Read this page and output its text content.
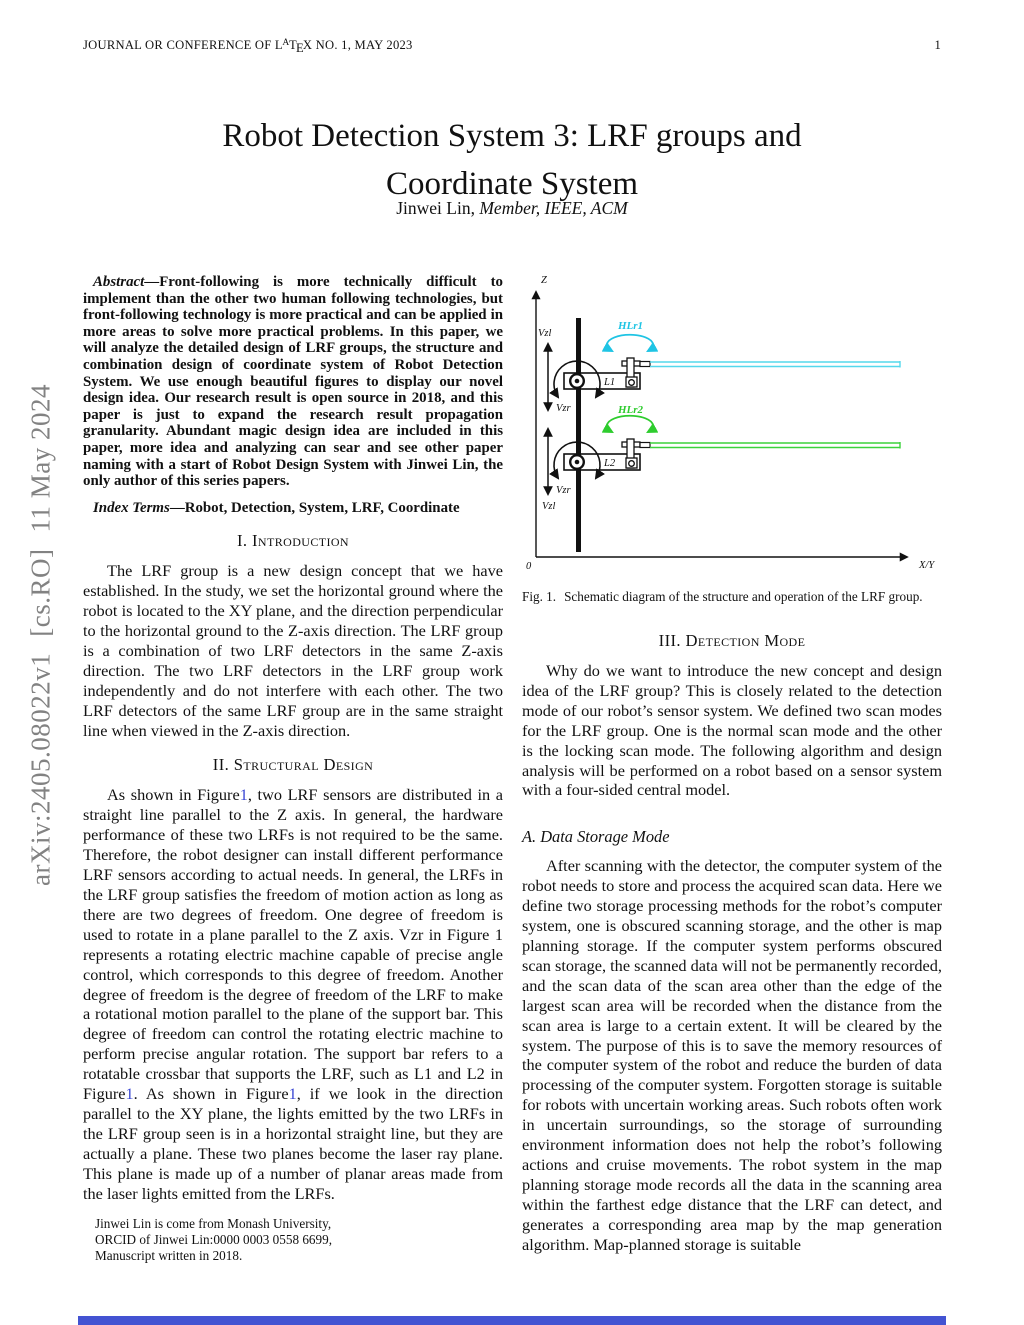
JOURNAL OR CONFERENCE OF $L^ATEX$ NO. 1, MAY 2023	1
Robot Detection System 3: LRF groups and
Coordinate System
Jinwei Lin, Member, IEEE, ACM
arXiv:2405.08022v1[cs.RO]11 May 2024

Abstract—Front-following is more technically difficult to implement than the other two human following technologies, but front-following technology is more practical and can be applied in more areas to solve more practical problems. In this paper, we will analyze the detailed design of LRF groups, the structure and combination design of coordinate system of Robot Detection System. We use enough beautiful figures to display our novel design idea. Our research result is open source in 2018, and this paper is just to expand the research result propagation granularity. Abundant magic design idea are included in this paper, more idea and analyzing can sear and see other paper naming with a start of Robot Design System with Jinwei Lin, the only author of this series papers.

Index Terms—Robot, Detection, System, LRF, Coordinate

I. Introduction

The LRF group is a new design concept that we have established. In the study, we set the horizontal ground where the robot is located to the XY plane, and the direction perpendicular to the horizontal ground to the Z-axis direction. The LRF group is a combination of two LRF detectors in the same Z-axis direction. The two LRF detectors in the LRF group work independently and do not interfere with each other. The two LRF detectors of the same LRF group are in the same straight line when viewed in the Z-axis direction.

II. Structural Design

As shown in Figure1, two LRF sensors are distributed in a straight line parallel to the Z axis. In general, the hardware performance of these two LRFs is not required to be the same. Therefore, the robot designer can install different performance LRF sensors according to actual needs. In general, the LRFs in the LRF group satisfies the freedom of motion action as long as there are two degrees of freedom. One degree of freedom is used to rotate in a plane parallel to the Z axis. Vzr in Figure 1 represents a rotating electric machine capable of precise angle control, which corresponds to this degree of freedom. Another degree of freedom is the degree of freedom of the LRF to make a rotational motion parallel to the plane of the support bar. This degree of freedom can control the rotating electric machine to perform precise angular rotation. The support bar refers to a rotatable crossbar that supports the LRF, such as L1 and L2 in Figure1. As shown in Figure1, if we look in the direction parallel to the XY plane, the lights emitted by the two LRFs in the LRF group seen is in a horizontal straight line, but they are actually a plane. These two planes become the laser ray plane. This plane is made up of a number of planar areas made from the laser lights emitted from the LRFs.

Jinwei Lin is come from Monash University,
ORCID of Jinwei Lin:0000 0003 0558 6699,
Manuscript written in 2018.
Z
0	X/Y
Vzl
Vzr
Vzr
Vzl
L1
L2
HLr1
HLr2
Fig. 1. Schematic diagram of the structure and operation of the LRF group.
III. Detection Mode

Why do we want to introduce the new concept and design idea of the LRF group? This is closely related to the detection mode of our robot’s sensor system. We defined two scan modes for the LRF group. One is the normal scan mode and the other is the locking scan mode. The following algorithm and design analysis will be performed on a robot based on a sensor system with a four-sided central model.

A. Data Storage Mode

After scanning with the detector, the computer system of the robot needs to store and process the acquired scan data. Here we define two storage processing methods for the robot’s computer system, one is obscured scanning storage, and the other is map planning storage. If the computer system performs obscured scan storage, the scanned data will not be permanently recorded, and the scan data of the scan area other than the edge of the largest scan area will be recorded when the distance from the scan area is large to a certain extent. It will be cleared by the system. The purpose of this is to save the memory resources of the computer system of the robot and reduce the burden of data processing of the computer system. Forgotten storage is suitable for robots with uncertain working areas. Such robots often work in uncertain surroundings, so the storage of surrounding environment information does not help the robot’s following actions and cruise movements. The robot system in the map planning storage mode records all the data in the scanning area within the farthest edge distance that the LRF can detect, and generates a corresponding area map by the map generation algorithm. Map-planned storage is suitable
